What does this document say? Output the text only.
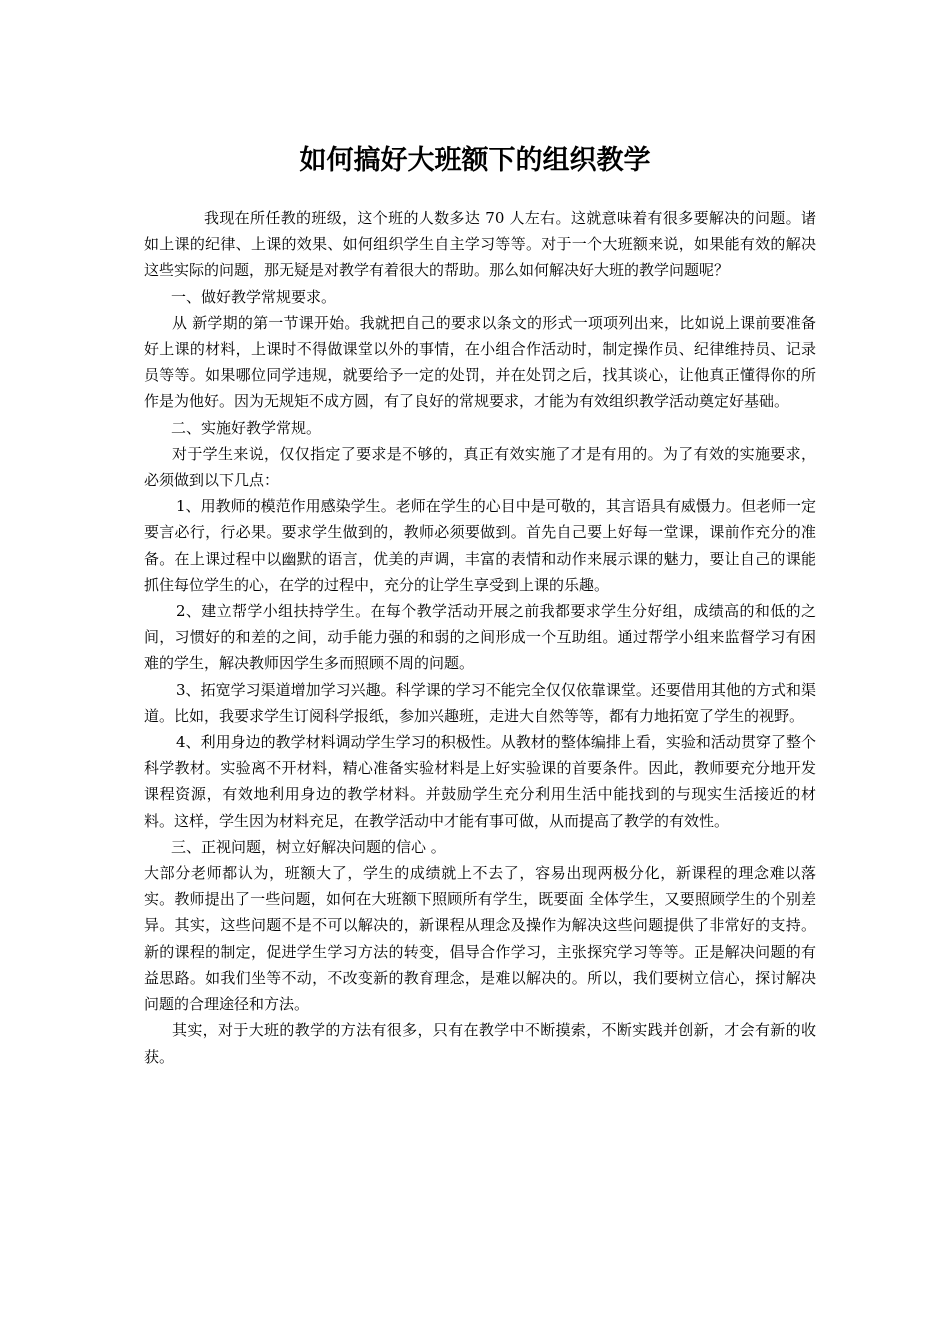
如何搞好大班额下的组织教学

我现在所任教的班级，这个班的人数多达 70 人左右。这就意味着有很多要解决的问题。诸如上课的纪律、上课的效果、如何组织学生自主学习等等。对于一个大班额来说，如果能有效的解决这些实际的问题，那无疑是对教学有着很大的帮助。那么如何解决好大班的教学问题呢？

一、做好教学常规要求。

从 新学期的第一节课开始。我就把自己的要求以条文的形式一项项列出来，比如说上课前要准备好上课的材料，上课时不得做课堂以外的事情，在小组合作活动时，制定操作员、纪律维持员、记录员等等。如果哪位同学违规，就要给予一定的处罚，并在处罚之后，找其谈心，让他真正懂得你的所作是为他好。因为无规矩不成方圆，有了良好的常规要求，才能为有效组织教学活动奠定好基础。

二、实施好教学常规。

对于学生来说，仅仅指定了要求是不够的，真正有效实施了才是有用的。为了有效的实施要求，必须做到以下几点：

1、用教师的模范作用感染学生。老师在学生的心目中是可敬的，其言语具有威慑力。但老师一定要言必行，行必果。要求学生做到的，教师必须要做到。首先自己要上好每一堂课，课前作充分的准备。在上课过程中以幽默的语言，优美的声调，丰富的表情和动作来展示课的魅力，要让自己的课能抓住每位学生的心，在学的过程中，充分的让学生享受到上课的乐趣。

2、建立帮学小组扶持学生。在每个教学活动开展之前我都要求学生分好组，成绩高的和低的之间，习惯好的和差的之间，动手能力强的和弱的之间形成一个互助组。通过帮学小组来监督学习有困难的学生，解决教师因学生多而照顾不周的问题。

3、拓宽学习渠道增加学习兴趣。科学课的学习不能完全仅仅依靠课堂。还要借用其他的方式和渠道。比如，我要求学生订阅科学报纸，参加兴趣班，走进大自然等等，都有力地拓宽了学生的视野。

4、利用身边的教学材料调动学生学习的积极性。从教材的整体编排上看，实验和活动贯穿了整个科学教材。实验离不开材料，精心准备实验材料是上好实验课的首要条件。因此，教师要充分地开发课程资源，有效地利用身边的教学材料。并鼓励学生充分利用生活中能找到的与现实生活接近的材料。这样，学生因为材料充足，在教学活动中才能有事可做，从而提高了教学的有效性。

三、正视问题，树立好解决问题的信心 。

大部分老师都认为，班额大了，学生的成绩就上不去了，容易出现两极分化，新课程的理念难以落实。教师提出了一些问题，如何在大班额下照顾所有学生，既要面 全体学生，又要照顾学生的个别差异。其实，这些问题不是不可以解决的，新课程从理念及操作为解决这些问题提供了非常好的支持。新的课程的制定，促进学生学习方法的转变，倡导合作学习，主张探究学习等等。正是解决问题的有益思路。如我们坐等不动，不改变新的教育理念，是难以解决的。所以，我们要树立信心，探讨解决问题的合理途径和方法。

其实，对于大班的教学的方法有很多，只有在教学中不断摸索，不断实践并创新，才会有新的收获。
